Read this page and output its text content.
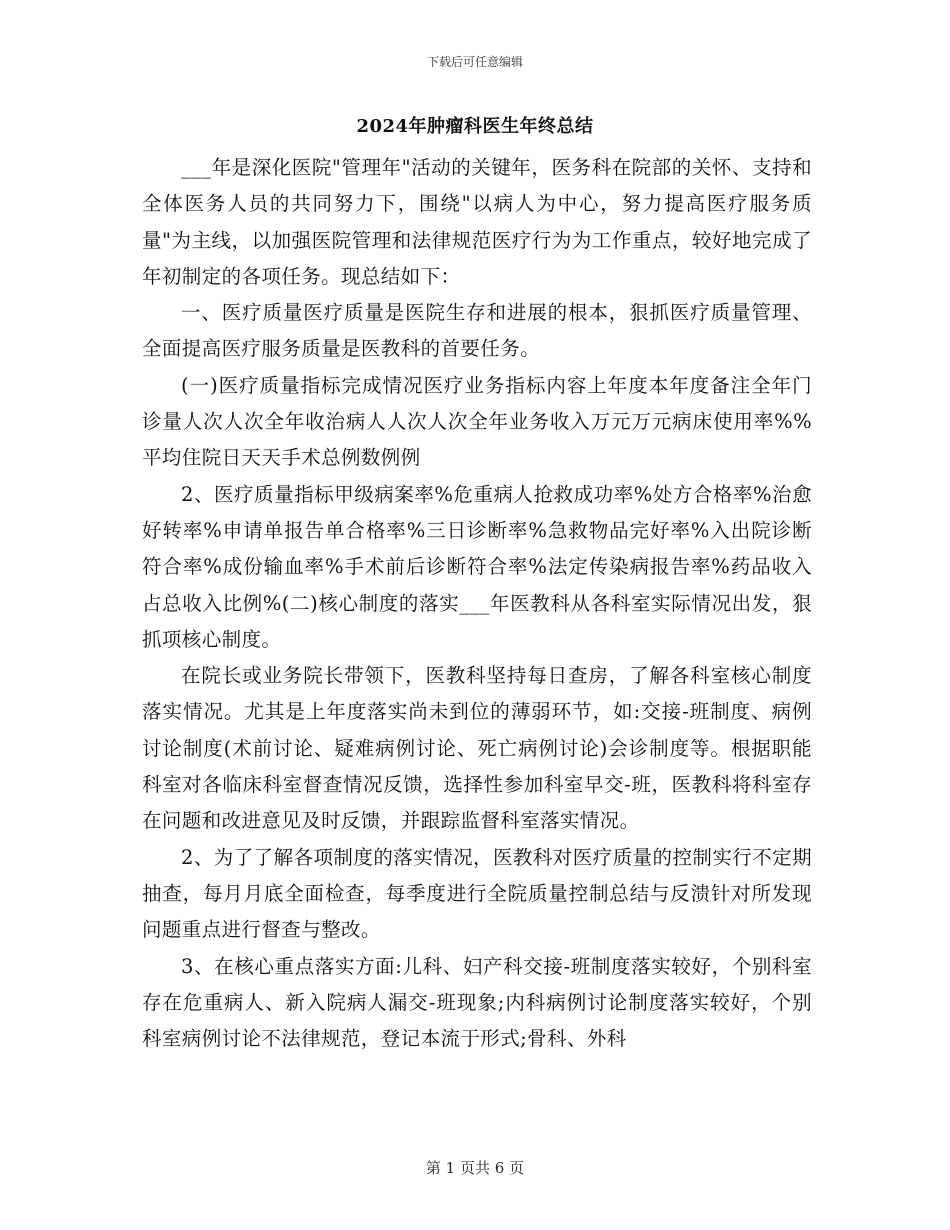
下载后可任意编辑
2024年肿瘤科医生年终总结

___年是深化医院"管理年"活动的关键年，医务科在院部的关怀、支持和全体医务人员的共同努力下，围绕"以病人为中心，努力提高医疗服务质量"为主线，以加强医院管理和法律规范医疗行为为工作重点，较好地完成了年初制定的各项任务。现总结如下：

一、医疗质量医疗质量是医院生存和进展的根本，狠抓医疗质量管理、全面提高医疗服务质量是医教科的首要任务。

(一)医疗质量指标完成情况医疗业务指标内容上年度本年度备注全年门诊量人次人次全年收治病人人次人次全年业务收入万元万元病床使用率%%平均住院日天天手术总例数例例

2、医疗质量指标甲级病案率%危重病人抢救成功率%处方合格率%治愈好转率%申请单报告单合格率%三日诊断率%急救物品完好率%入出院诊断符合率%成份输血率%手术前后诊断符合率%法定传染病报告率%药品收入占总收入比例%(二)核心制度的落实___年医教科从各科室实际情况出发，狠抓项核心制度。

在院长或业务院长带领下，医教科坚持每日查房，了解各科室核心制度落实情况。尤其是上年度落实尚未到位的薄弱环节，如:交接-班制度、病例讨论制度(术前讨论、疑难病例讨论、死亡病例讨论)会诊制度等。根据职能科室对各临床科室督查情况反馈，选择性参加科室早交-班，医教科将科室存在问题和改进意见及时反馈，并跟踪监督科室落实情况。

2、为了了解各项制度的落实情况，医教科对医疗质量的控制实行不定期抽查，每月月底全面检查，每季度进行全院质量控制总结与反溃针对所发现问题重点进行督查与整改。

3、在核心重点落实方面:儿科、妇产科交接-班制度落实较好，个别科室存在危重病人、新入院病人漏交-班现象;内科病例讨论制度落实较好，个别科室病例讨论不法律规范，登记本流于形式;骨科、外科

第 1 页共 6 页
